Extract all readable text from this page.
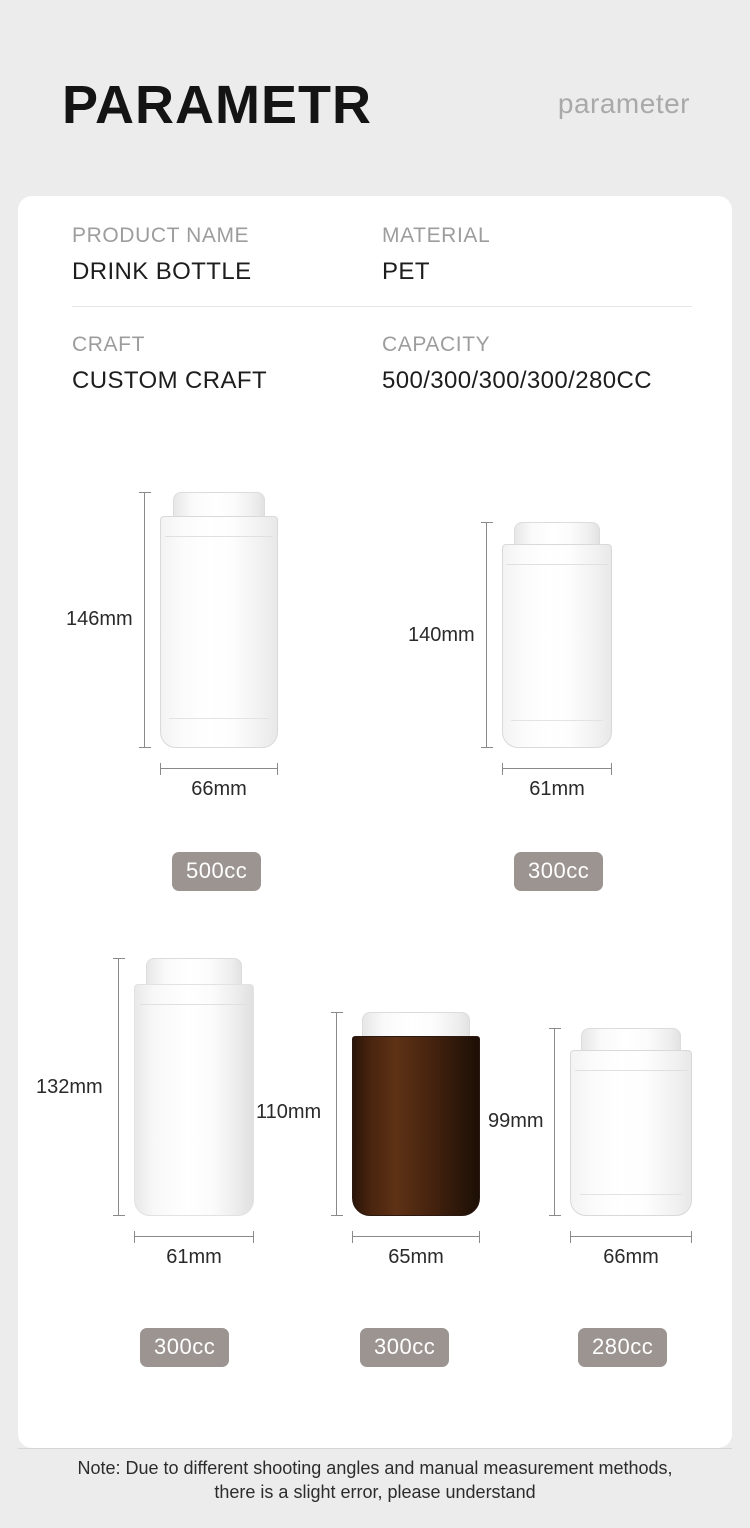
PARAMETR	parameter
PRODUCT NAME
DRINK BOTTLE
MATERIAL
PET
CRAFT
CUSTOM CRAFT
CAPACITY
500/300/300/300/280CC
146mm
66mm
500cc
140mm
61mm
300cc
132mm
61mm
300cc
110mm
65mm
300cc
99mm
66mm
280cc
Note: Due to different shooting angles and manual measurement methods, there is a slight error, please understand
